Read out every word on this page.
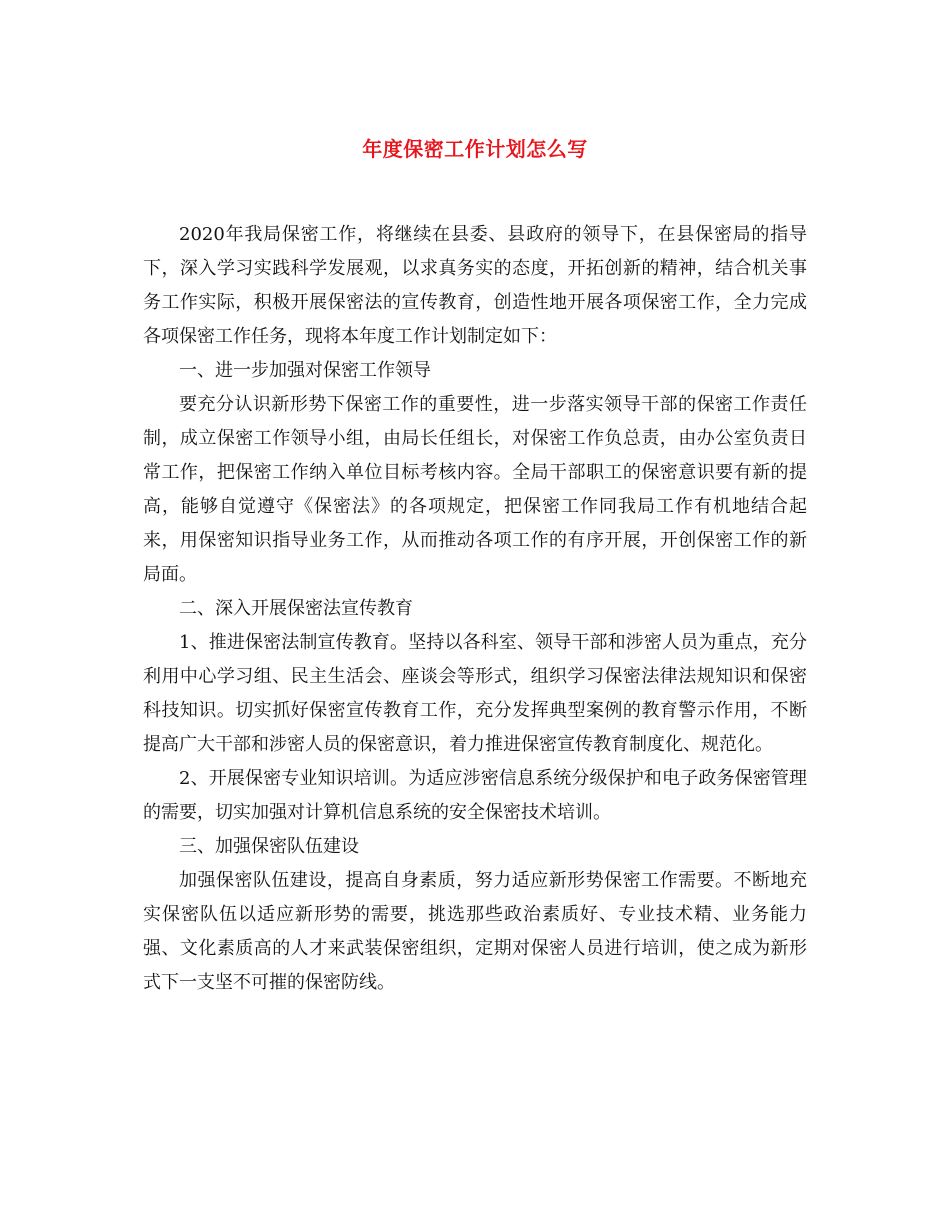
年度保密工作计划怎么写

2020年我局保密工作，将继续在县委、县政府的领导下，在县保密局的指导下，深入学习实践科学发展观，以求真务实的态度，开拓创新的精神，结合机关事务工作实际，积极开展保密法的宣传教育，创造性地开展各项保密工作，全力完成各项保密工作任务，现将本年度工作计划制定如下：

一、进一步加强对保密工作领导

要充分认识新形势下保密工作的重要性，进一步落实领导干部的保密工作责任制，成立保密工作领导小组，由局长任组长，对保密工作负总责，由办公室负责日常工作，把保密工作纳入单位目标考核内容。全局干部职工的保密意识要有新的提高，能够自觉遵守《保密法》的各项规定，把保密工作同我局工作有机地结合起来，用保密知识指导业务工作，从而推动各项工作的有序开展，开创保密工作的新局面。

二、深入开展保密法宣传教育

1、推进保密法制宣传教育。坚持以各科室、领导干部和涉密人员为重点，充分利用中心学习组、民主生活会、座谈会等形式，组织学习保密法律法规知识和保密科技知识。切实抓好保密宣传教育工作，充分发挥典型案例的教育警示作用，不断提高广大干部和涉密人员的保密意识，着力推进保密宣传教育制度化、规范化。

2、开展保密专业知识培训。为适应涉密信息系统分级保护和电子政务保密管理的需要，切实加强对计算机信息系统的安全保密技术培训。

三、加强保密队伍建设

加强保密队伍建设，提高自身素质，努力适应新形势保密工作需要。不断地充实保密队伍以适应新形势的需要，挑选那些政治素质好、专业技术精、业务能力强、文化素质高的人才来武装保密组织，定期对保密人员进行培训，使之成为新形式下一支坚不可摧的保密防线。
